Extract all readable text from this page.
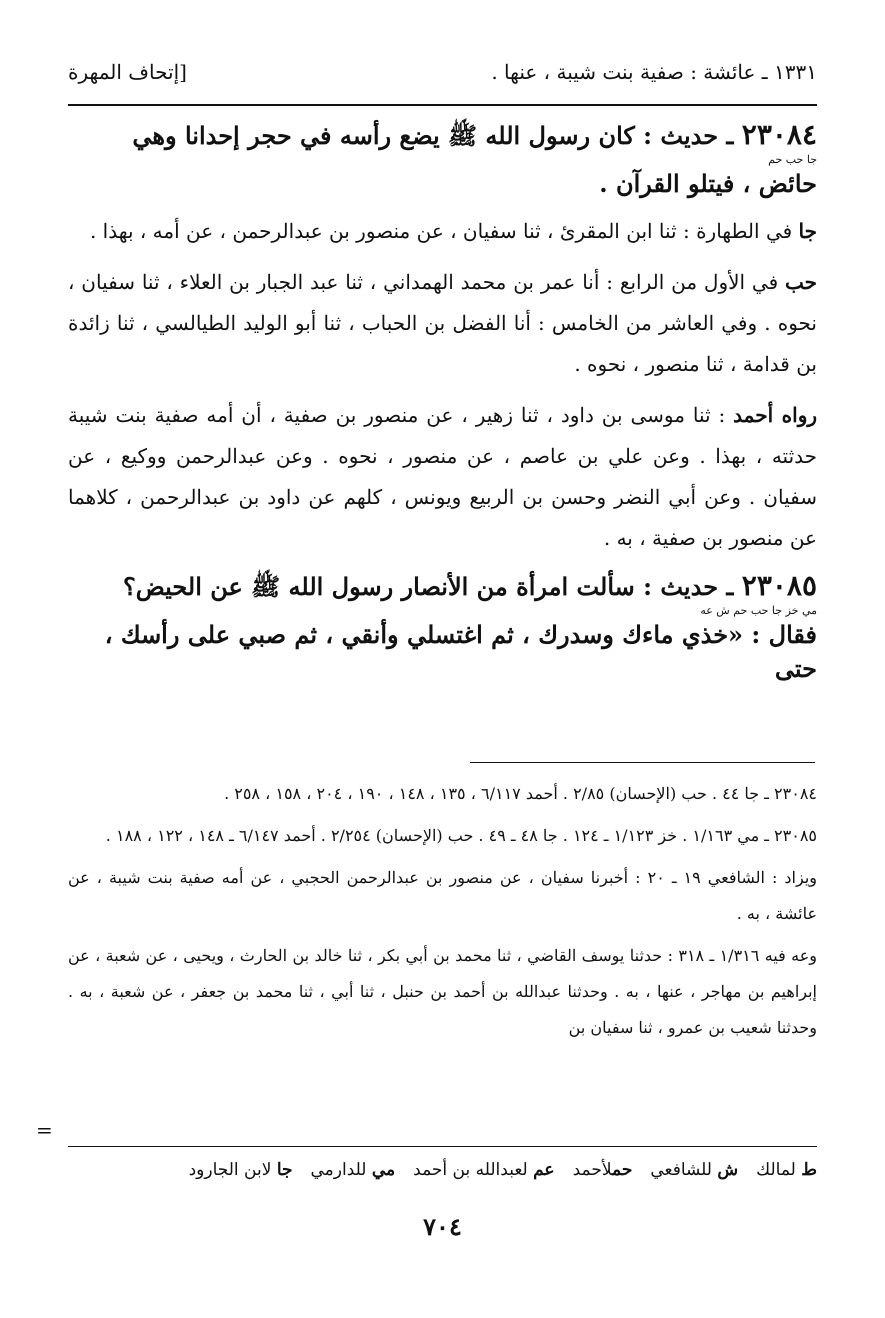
١٣٣١ ـ عائشة : صفية بنت شيبة ، عنها .
[إتحاف المهرة

٢٣٠٨٤ ـ حديث : كان رسول الله ﷺ يضع رأسه في حجر إحدانا وهي
جا حب حم
حائض ، فيتلو القرآن .

جا في الطهارة : ثنا ابن المقرئ ، ثنا سفيان ، عن منصور بن عبدالرحمن ، عن أمه ، بهذا .

حب في الأول من الرابع : أنا عمر بن محمد الهمداني ، ثنا عبد الجبار بن العلاء ، ثنا سفيان ، نحوه . وفي العاشر من الخامس : أنا الفضل بن الحباب ، ثنا أبو الوليد الطيالسي ، ثنا زائدة بن قدامة ، ثنا منصور ، نحوه .

رواه أحمد : ثنا موسى بن داود ، ثنا زهير ، عن منصور بن صفية ، أن أمه صفية بنت شيبة حدثته ، بهذا . وعن علي بن عاصم ، عن منصور ، نحوه . وعن عبدالرحمن ووكيع ، عن سفيان . وعن أبي النضر وحسن بن الربيع ويونس ، كلهم عن داود بن عبدالرحمن ، كلاهما عن منصور بن صفية ، به .

٢٣٠٨٥ ـ حديث : سألت امرأة من الأنصار رسول الله ﷺ عن الحيض؟
مي خز جا حب حم ش عه
فقال : «خذي ماءك وسدرك ، ثم اغتسلي وأنقي ، ثم صبي على رأسك ، حتى

٢٣٠٨٤ ـ جا ٤٤ . حب (الإحسان) ٢/٨٥ . أحمد ٦/١١٧ ، ١٣٥ ، ١٤٨ ، ١٩٠ ، ٢٠٤ ، ١٥٨ ، ٢٥٨ .

٢٣٠٨٥ ـ مي ١/١٦٣ . خز ١/١٢٣ ـ ١٢٤ . جا ٤٨ ـ ٤٩ . حب (الإحسان) ٢/٢٥٤ . أحمد ٦/١٤٧ ـ ١٤٨ ، ١٢٢ ، ١٨٨ .

ويزاد : الشافعي ١٩ ـ ٢٠ : أخبرنا سفيان ، عن منصور بن عبدالرحمن الحجبي ، عن أمه صفية بنت شيبة ، عن عائشة ، به .

وعه فيه ١/٣١٦ ـ ٣١٨ : حدثنا يوسف القاضي ، ثنا محمد بن أبي بكر ، ثنا خالد بن الحارث ، ويحيى ، عن شعبة ، عن إبراهيم بن مهاجر ، عنها ، به . وحدثنا عبدالله بن أحمد بن حنبل ، ثنا أبي ، ثنا محمد بن جعفر ، عن شعبة ، به . وحدثنا شعيب بن عمرو ، ثنا سفيان بن

=
ط لمالك
ش للشافعي
حملأحمد
عم لعبدالله بن أحمد
مي للدارمي
جا لابن الجارود
٧٠٤
